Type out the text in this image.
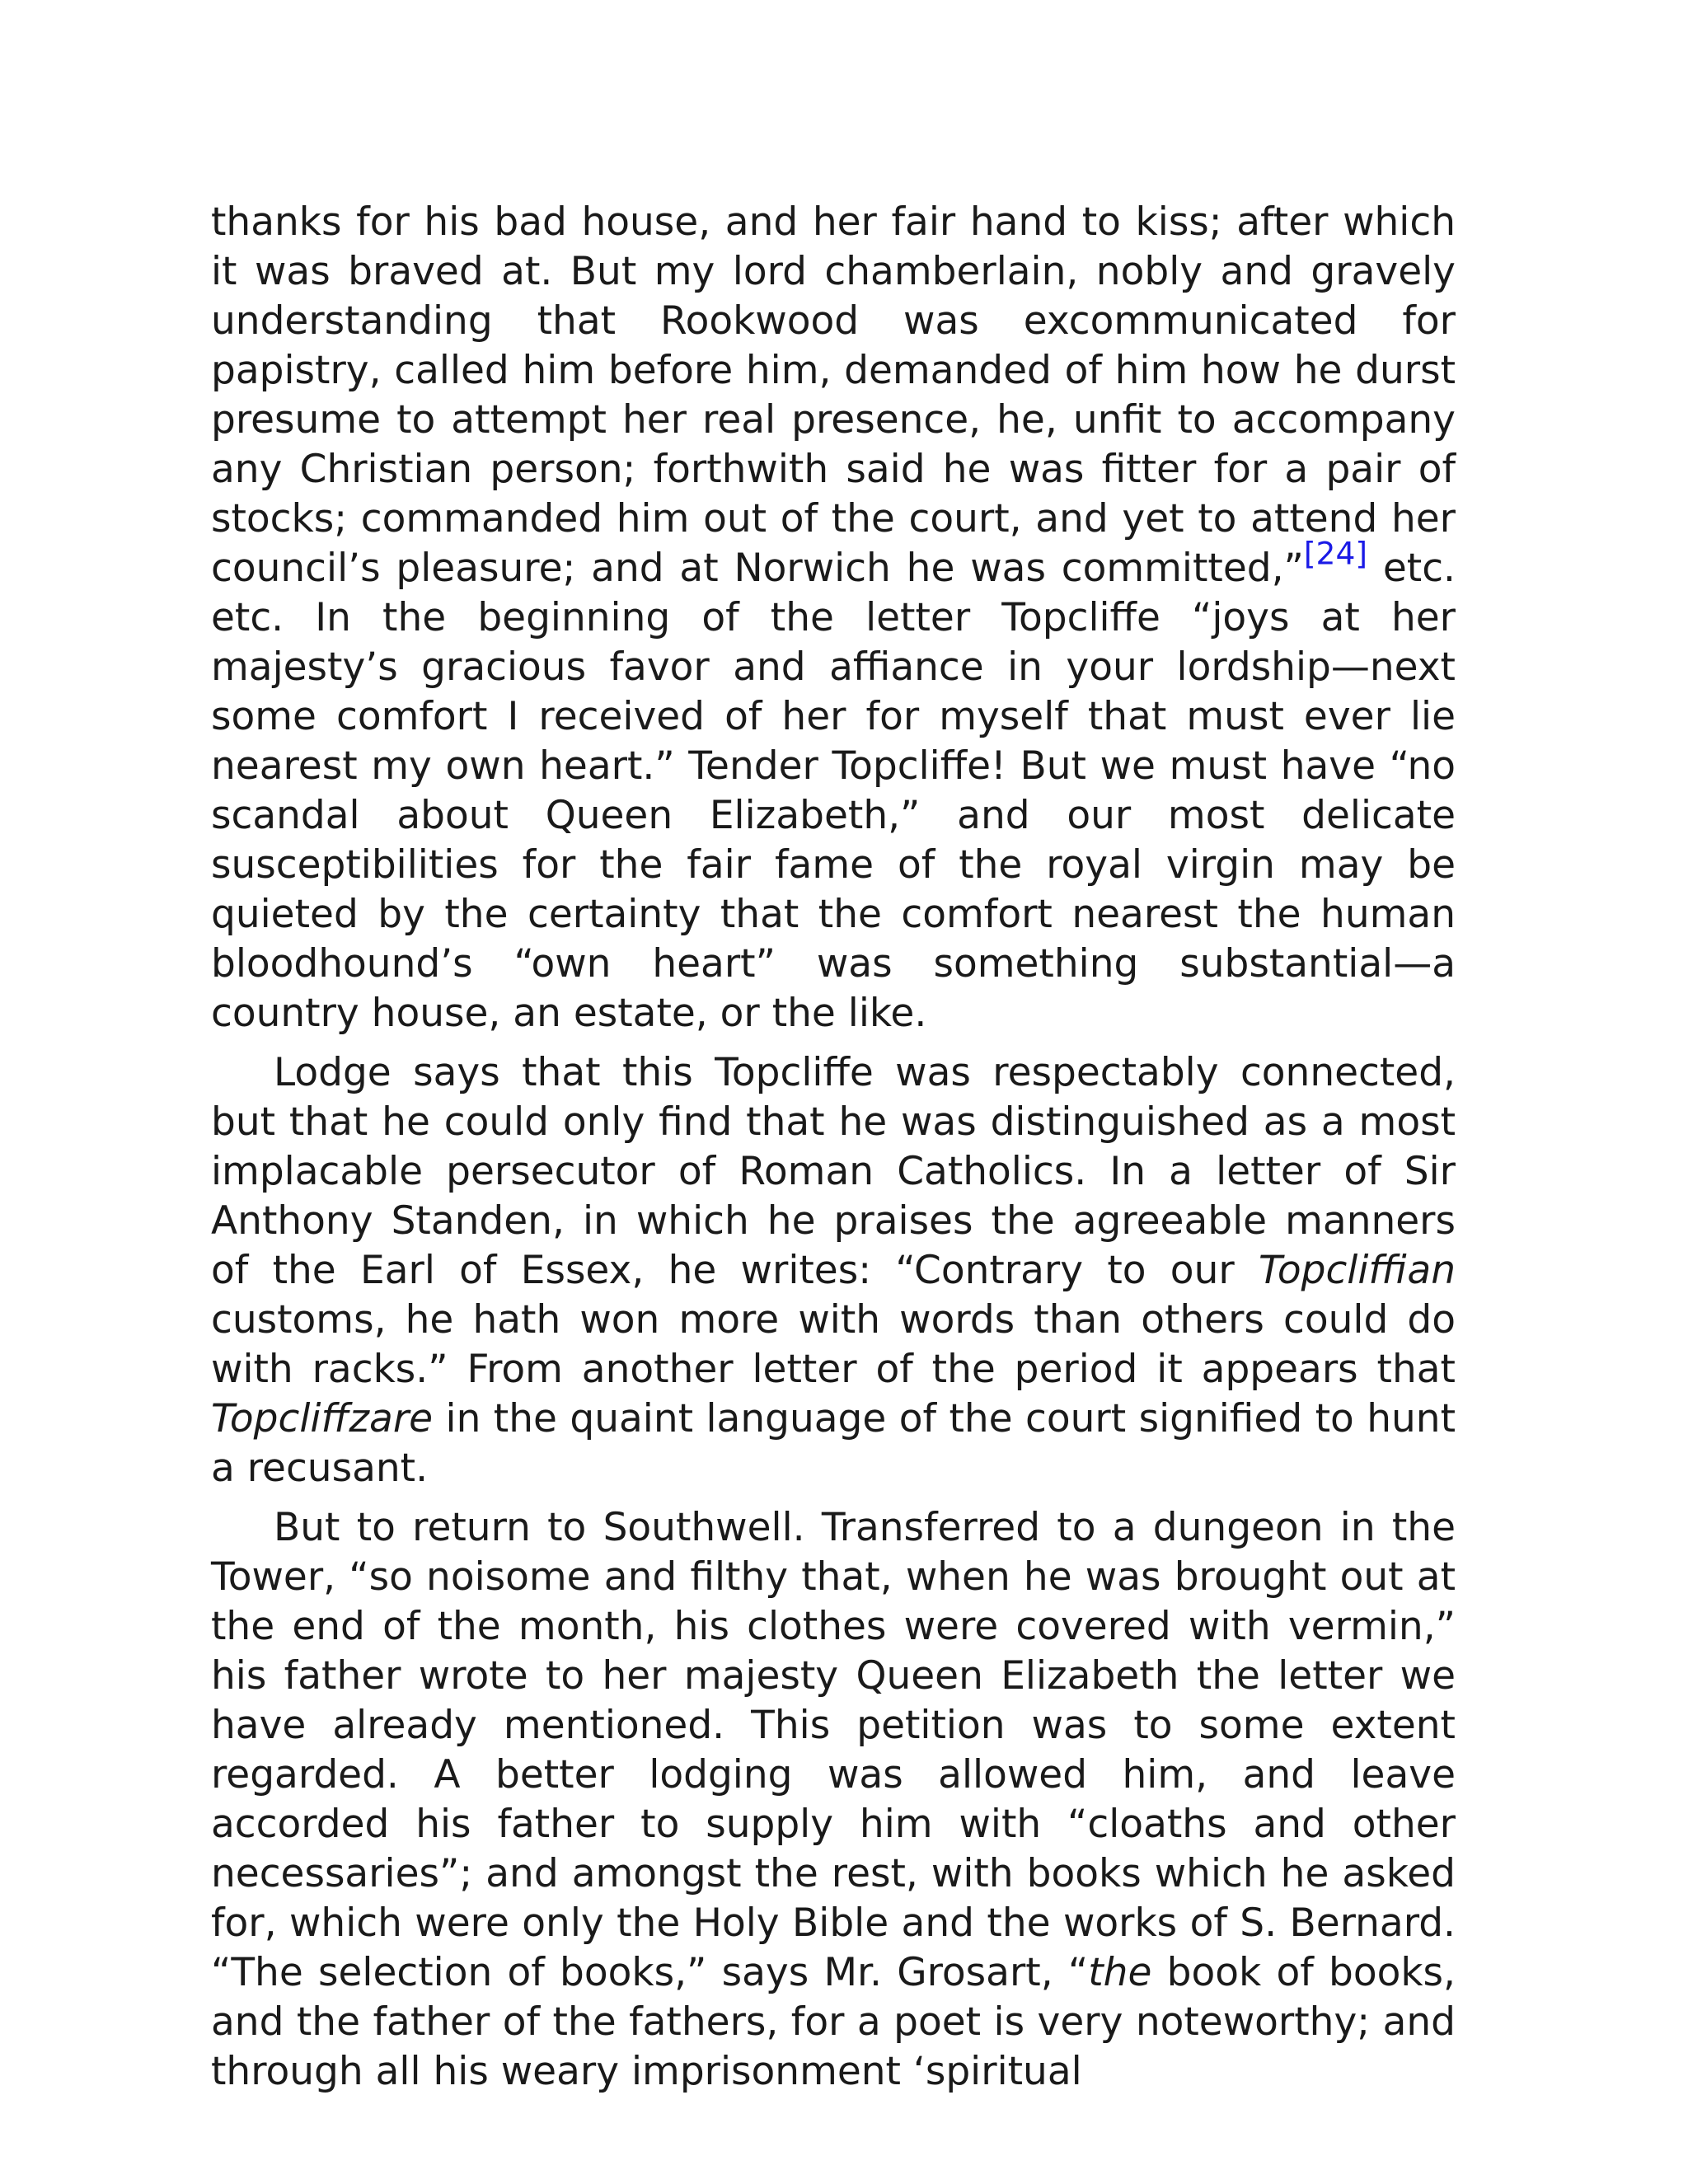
thanks for his bad house, and her fair hand to kiss; after which it was braved at. But my lord chamberlain, nobly and gravely understanding that Rookwood was excommunicated for papistry, called him before him, demanded of him how he durst presume to attempt her real presence, he, unfit to accompany any Christian person; forthwith said he was fitter for a pair of stocks; commanded him out of the court, and yet to attend her council’s pleasure; and at Norwich he was committed,”[24] etc. etc. In the beginning of the letter Topcliffe “joys at her majesty’s gracious favor and affiance in your lordship—next some comfort I received of her for myself that must ever lie nearest my own heart.” Tender Topcliffe! But we must have “no scandal about Queen Elizabeth,” and our most delicate susceptibilities for the fair fame of the royal virgin may be quieted by the certainty that the comfort nearest the human bloodhound’s “own heart” was something substantial—a country house, an estate, or the like.

Lodge says that this Topcliffe was respectably connected, but that he could only find that he was distinguished as a most implacable persecutor of Roman Catholics. In a letter of Sir Anthony Standen, in which he praises the agreeable manners of the Earl of Essex, he writes: “Contrary to our Topcliffian customs, he hath won more with words than others could do with racks.” From another letter of the period it appears that Topcliffzare in the quaint language of the court signified to hunt a recusant.

But to return to Southwell. Transferred to a dungeon in the Tower, “so noisome and filthy that, when he was brought out at the end of the month, his clothes were covered with vermin,” his father wrote to her majesty Queen Elizabeth the letter we have already mentioned. This petition was to some extent regarded. A better lodging was allowed him, and leave accorded his father to supply him with “cloaths and other necessaries”; and amongst the rest, with books which he asked for, which were only the Holy Bible and the works of S. Bernard. “The selection of books,” says Mr. Grosart, “the book of books, and the father of the fathers, for a poet is very noteworthy; and through all his weary imprisonment ‘spiritual
